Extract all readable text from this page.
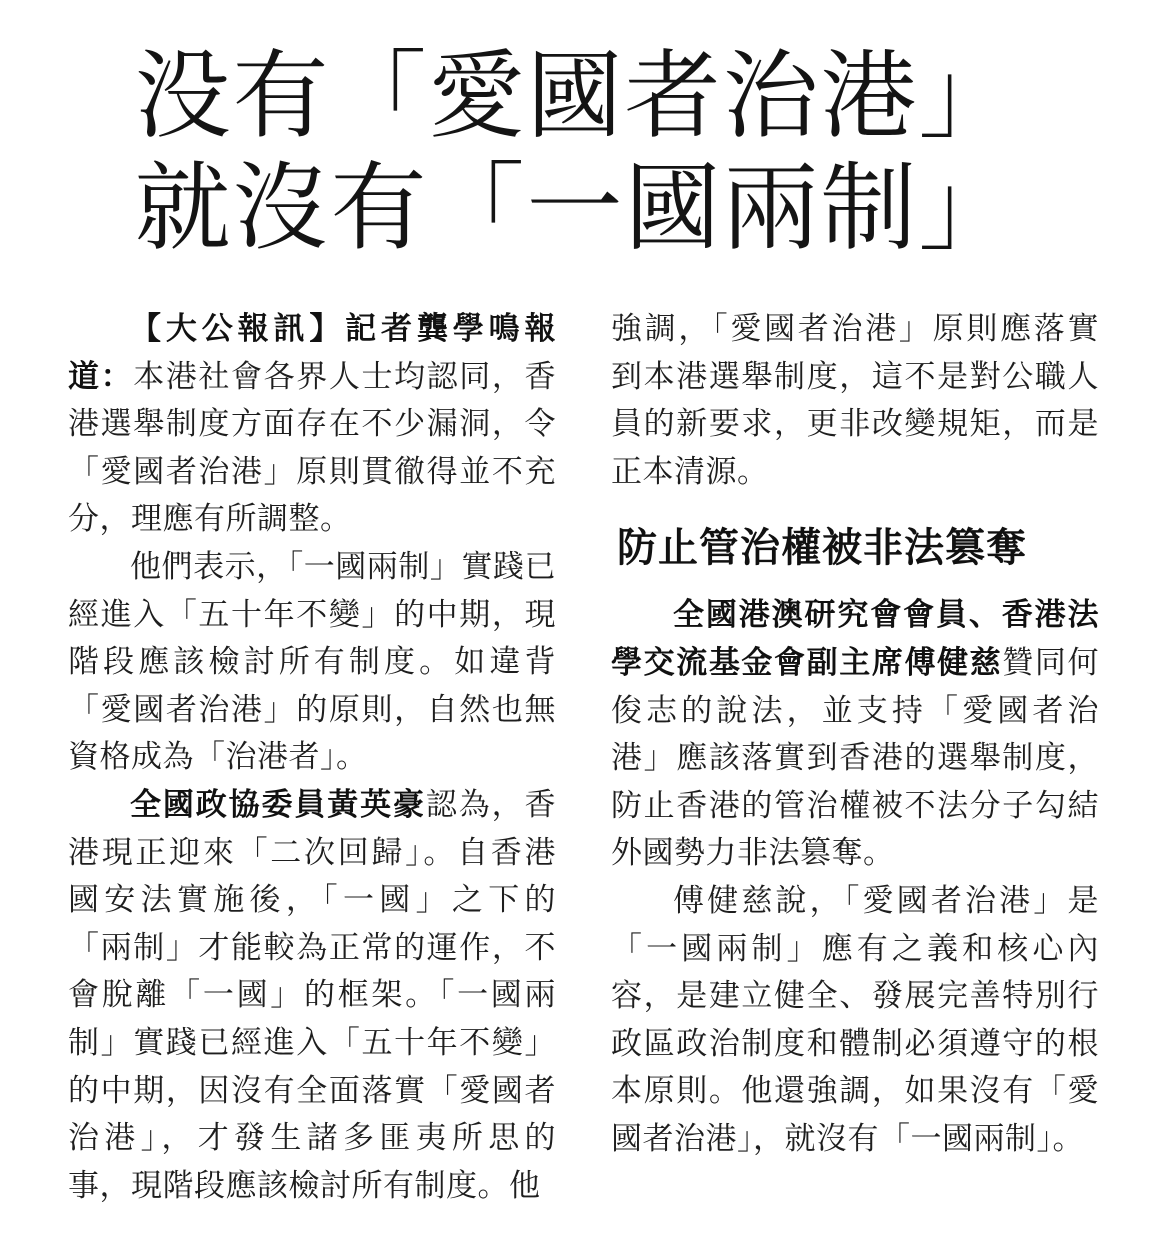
没有「愛國者治港」
就沒有「一國兩制」

【大公報訊】記者龔學鳴報道：本港社會各界人士均認同，香港選舉制度方面存在不少漏洞，令「愛國者治港」原則貫徹得並不充分，理應有所調整。

他們表示，「一國兩制」實踐已經進入「五十年不變」的中期，現階段應該檢討所有制度。如違背「愛國者治港」的原則，自然也無資格成為「治港者」。

全國政協委員黃英豪認為，香港現正迎來「二次回歸」。自香港國安法實施後，「一國」之下的「兩制」才能較為正常的運作，不會脫離「一國」的框架。「一國兩制」實踐已經進入「五十年不變」的中期，因沒有全面落實「愛國者治港」，才發生諸多匪夷所思的事，現階段應該檢討所有制度。他

強調，「愛國者治港」原則應落實到本港選舉制度，這不是對公職人員的新要求，更非改變規矩，而是正本清源。

防止管治權被非法篡奪

全國港澳研究會會員、香港法學交流基金會副主席傅健慈贊同何俊志的說法，並支持「愛國者治港」應該落實到香港的選舉制度，防止香港的管治權被不法分子勾結外國勢力非法篡奪。

傅健慈說，「愛國者治港」是「一國兩制」應有之義和核心內容，是建立健全、發展完善特別行政區政治制度和體制必須遵守的根本原則。他還強調，如果沒有「愛國者治港」，就沒有「一國兩制」。
